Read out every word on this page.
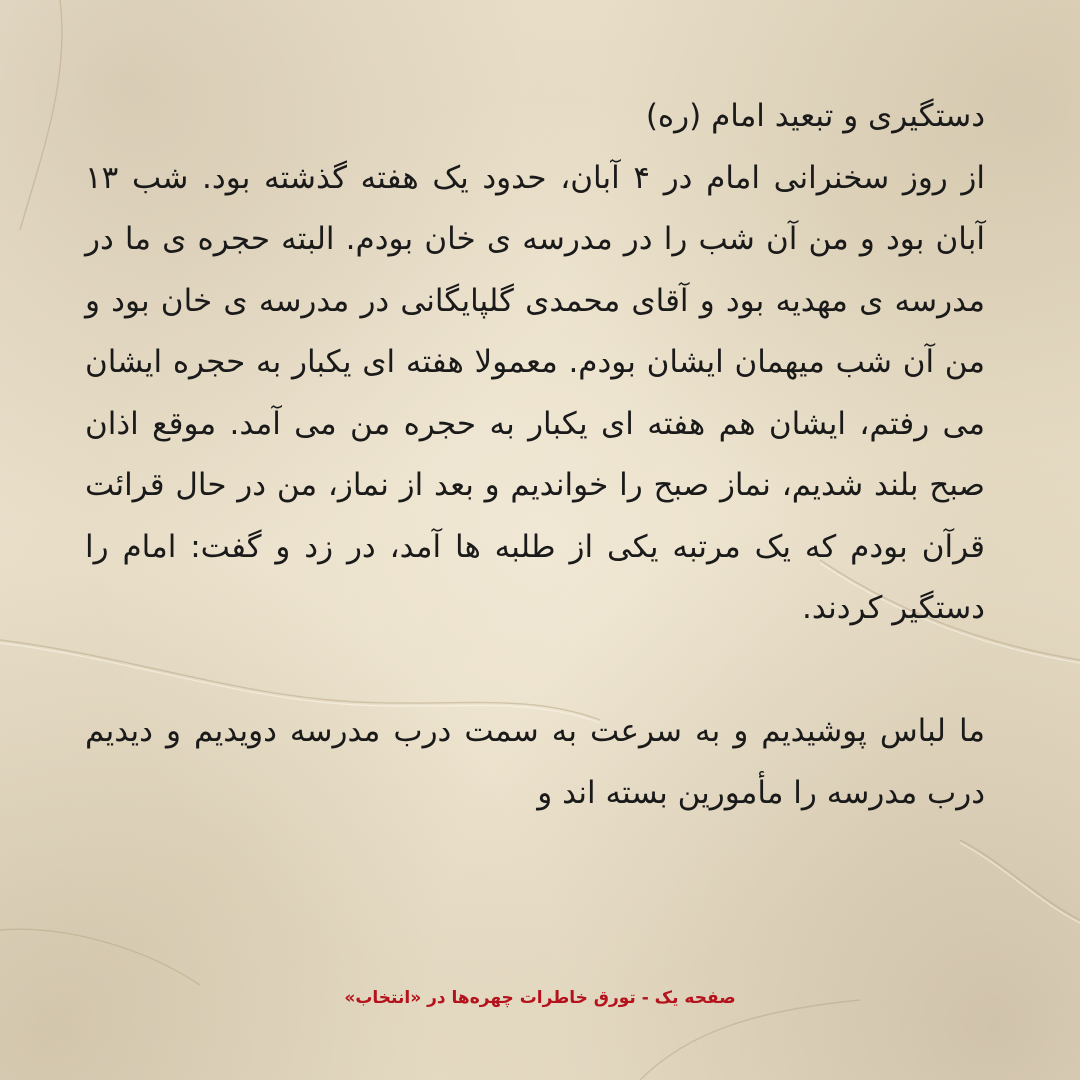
دستگیری و تبعید امام (ره)

از روز سخنرانی امام در ۴ آبان، حدود یک هفته گذشته بود. شب ۱۳ آبان بود و من آن شب را در مدرسه ی خان بودم. البته حجره ی ما در مدرسه ی مهدیه بود و آقای محمدی گلپایگانی در مدرسه ی خان بود و من آن شب میهمان ایشان بودم. معمولا هفته ای یکبار به حجره ایشان می رفتم، ایشان هم هفته ای یکبار به حجره من می آمد. موقع اذان صبح بلند شدیم، نماز صبح را خواندیم و بعد از نماز، من در حال قرائت قرآن بودم که یک مرتبه یکی از طلبه ها آمد، در زد و گفت: امام را دستگیر کردند.

ما لباس پوشیدیم و به سرعت به سمت درب مدرسه دویدیم و دیدیم درب مدرسه را مأمورین بسته اند و

صفحه یک - تورق خاطرات چهره‌ها در «انتخاب»
